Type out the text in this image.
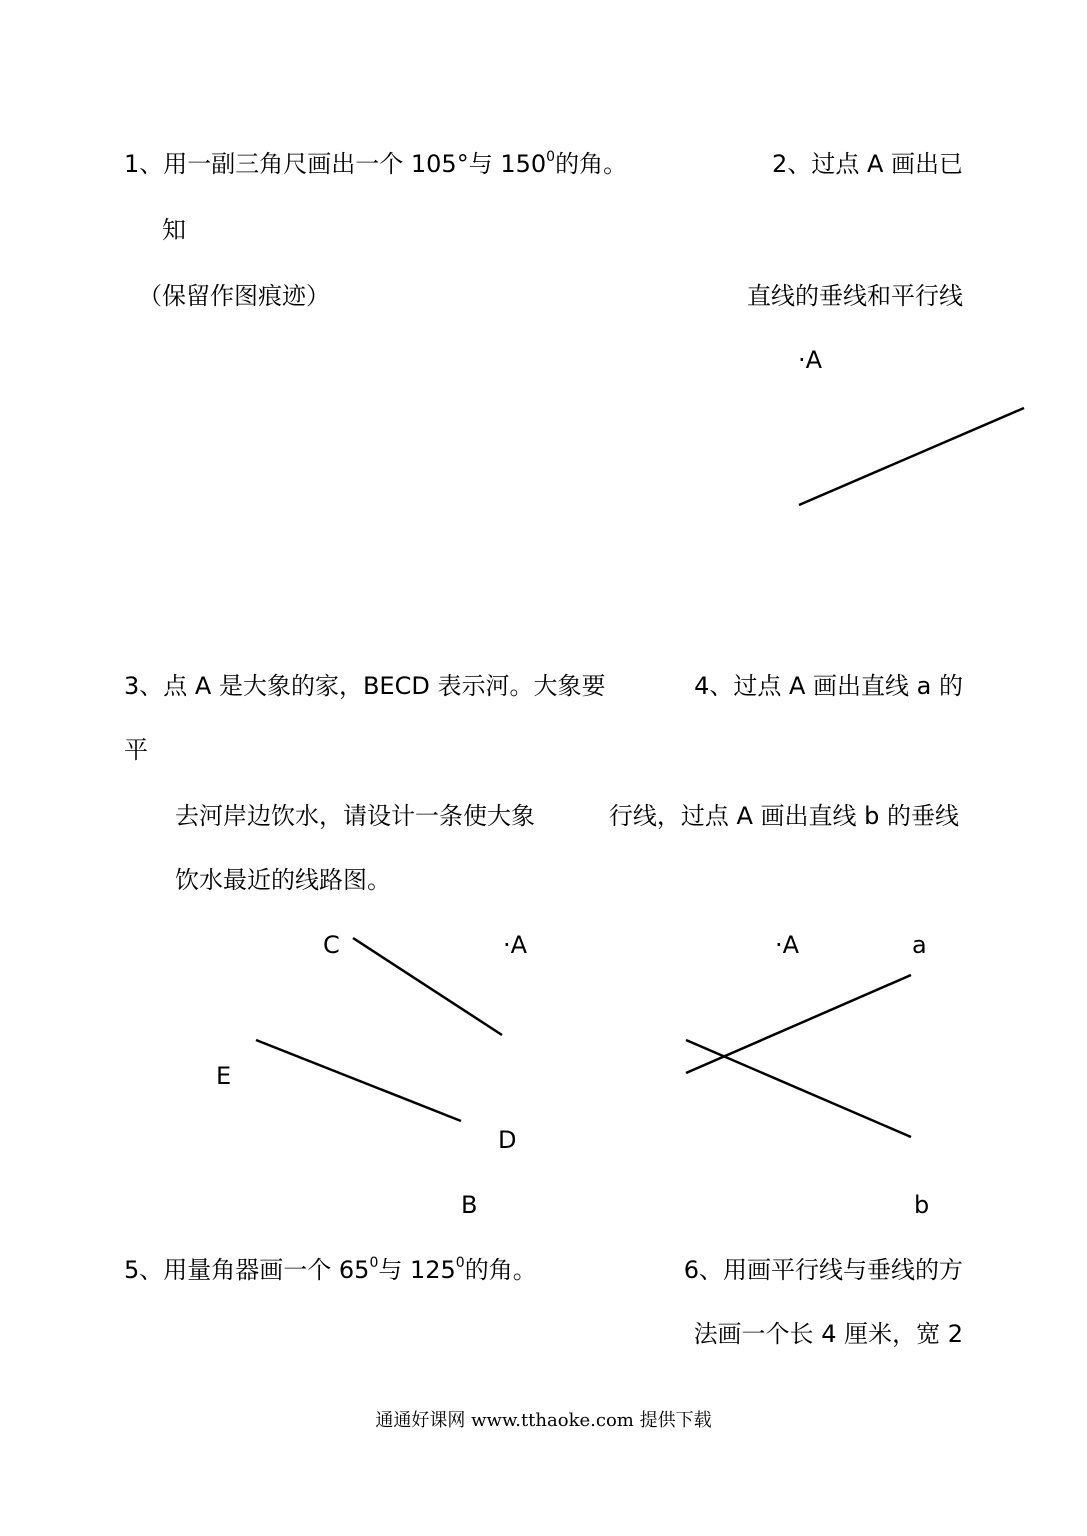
1、用一副三角尺画出一个 105°与 $150^0$的角。
（保留作图痕迹）
2、过点 A 画出已
知
直线的垂线和平行线
·A
3、点 A 是大象的家，BECD 表示河。大象要	4、过点 A 画出直线 a 的
平
去河岸边饮水，请设计一条使大象	行线，过点 A 画出直线 b 的垂线
饮水最近的线路图。
C	·A
E
D
B
·A	a
b
5、用量角器画一个 $65^0$与 $125^0$的角。	6、用画平行线与垂线的方
法画一个长 4 厘米，宽 2
通通好课网 www.tthaoke.com 提供下载
